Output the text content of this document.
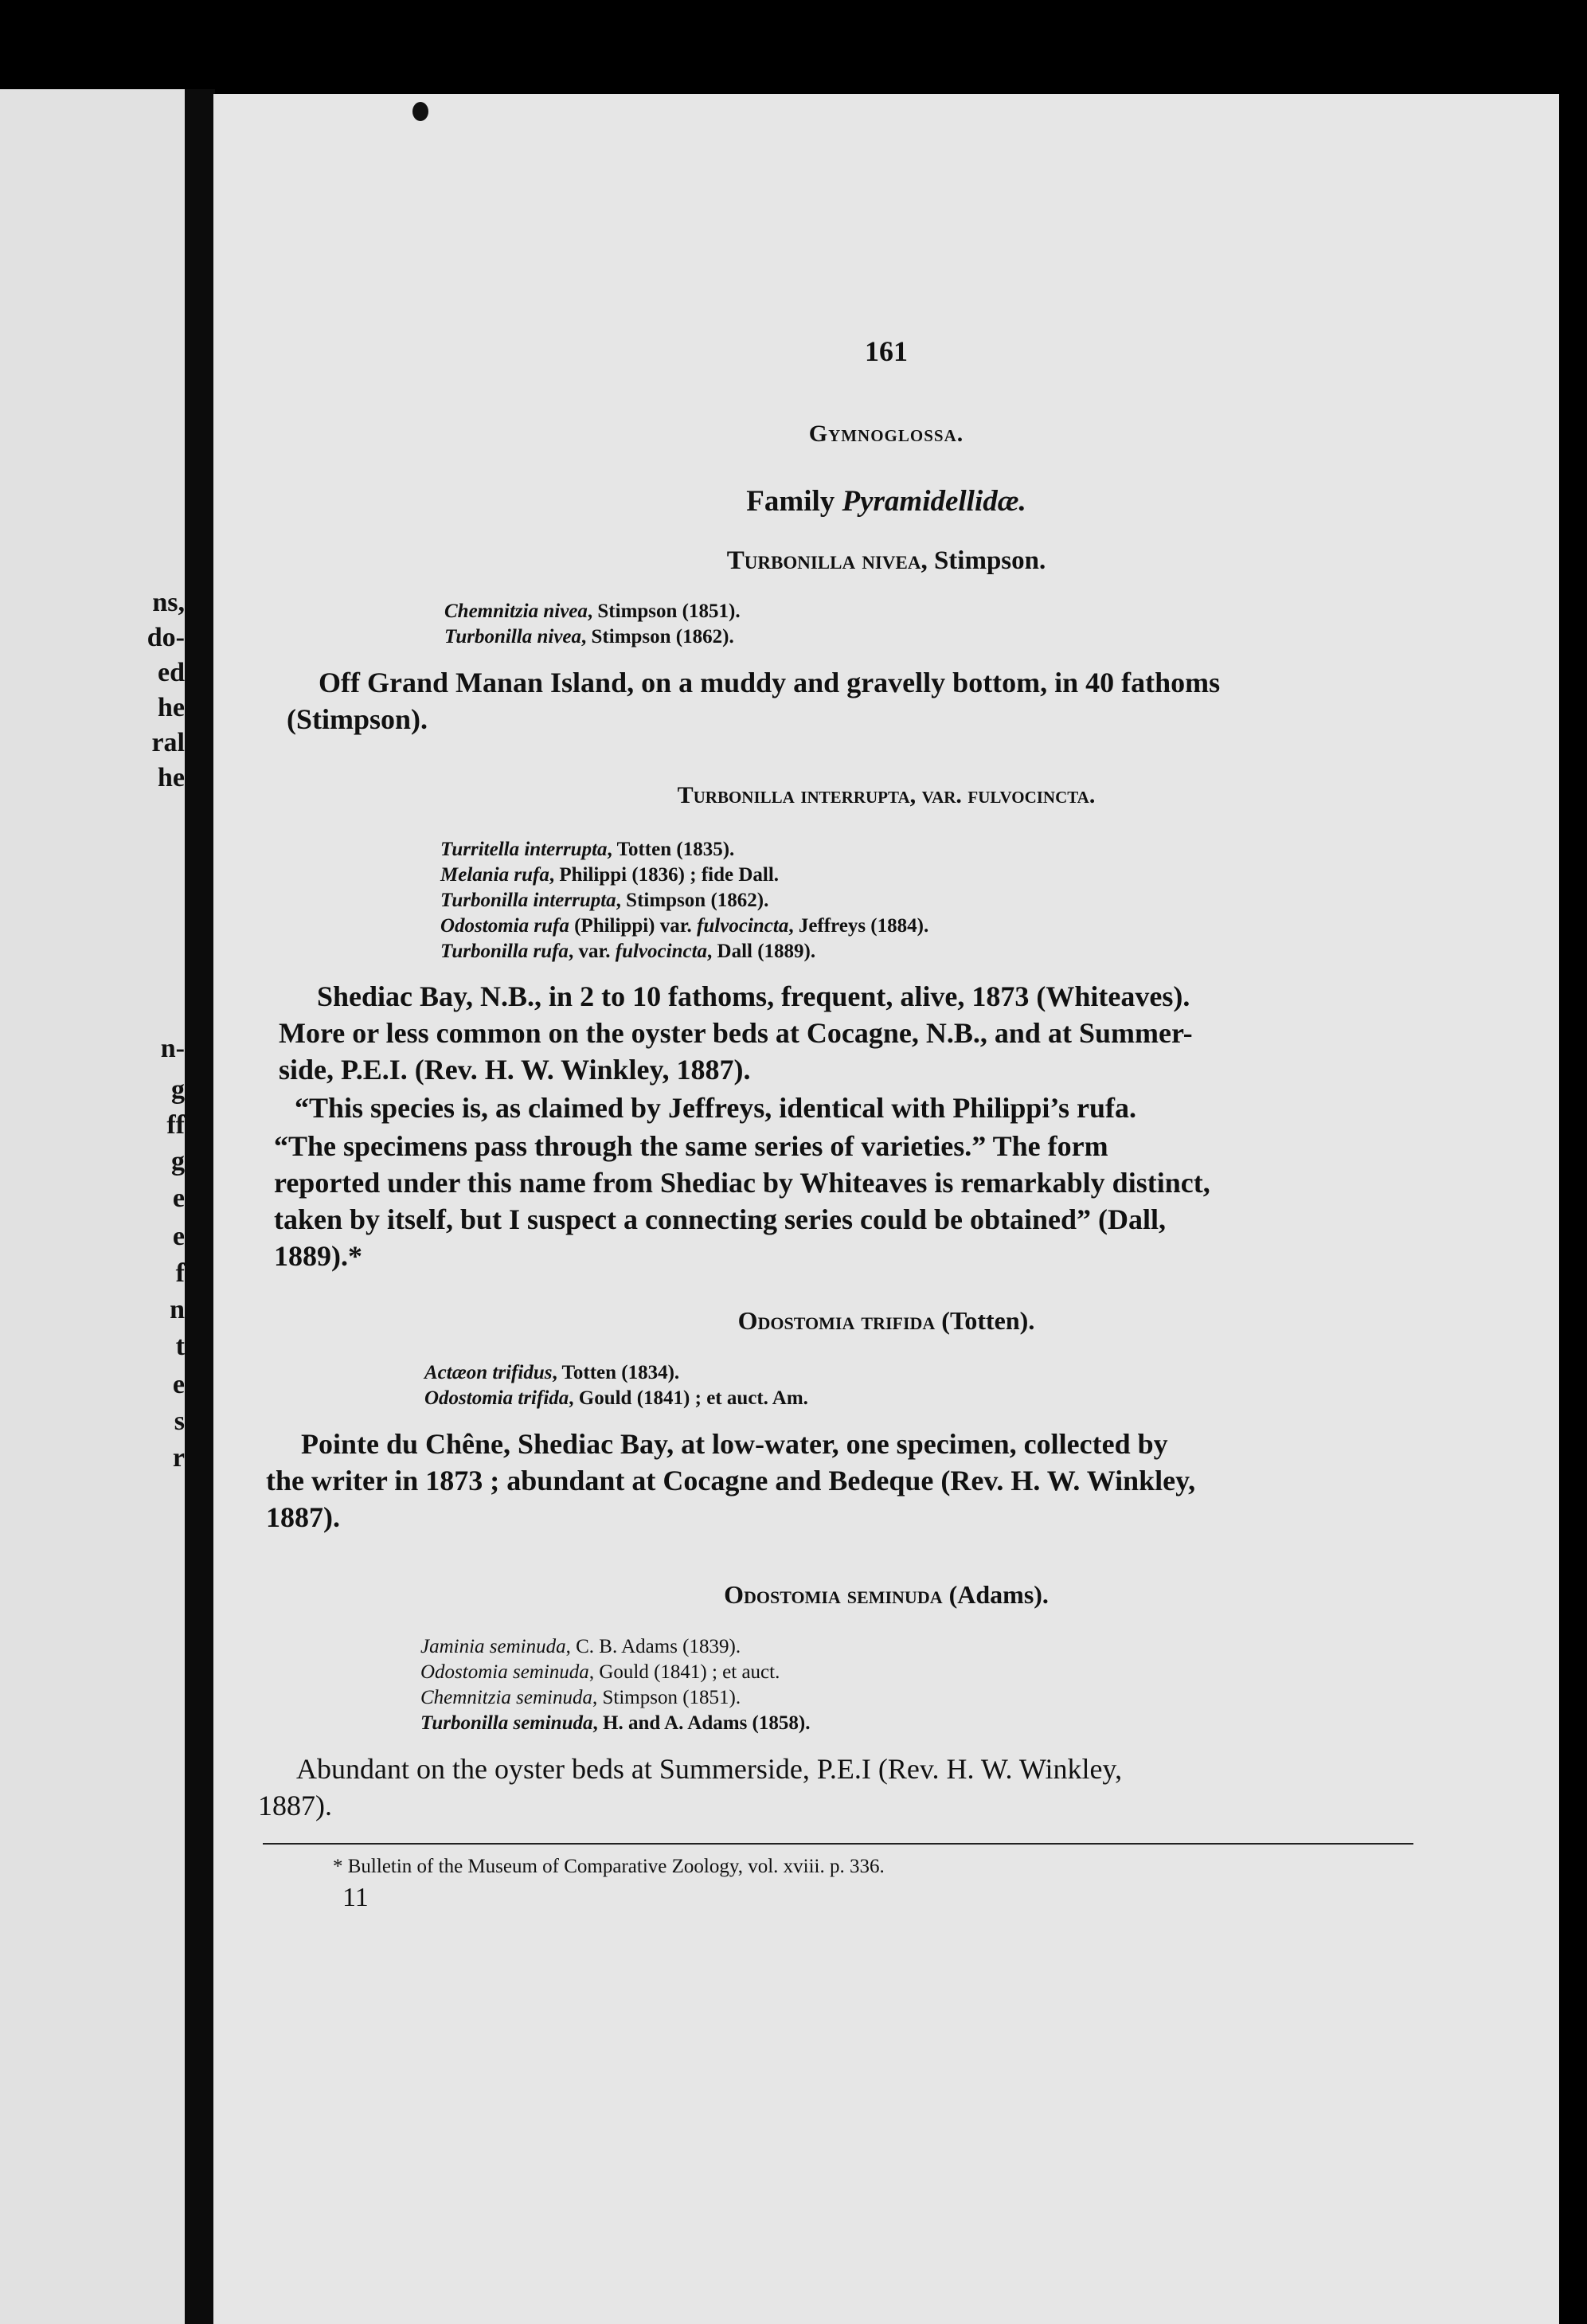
ns,
do-
ed
he
ral
he
n-
g
ff
g
e
e
f
n
t
e
s
r
161
Gymnoglossa.
Family Pyramidellidæ.
Turbonilla nivea, Stimpson.
Chemnitzia nivea, Stimpson (1851).
Turbonilla nivea, Stimpson (1862).
Off Grand Manan Island, on a muddy and gravelly bottom, in 40 fathoms
(Stimpson).
Turbonilla interrupta, var. fulvocincta.
Turritella interrupta, Totten (1835).
Melania rufa, Philippi (1836) ; fide Dall.
Turbonilla interrupta, Stimpson (1862).
Odostomia rufa (Philippi) var. fulvocincta, Jeffreys (1884).
Turbonilla rufa, var. fulvocincta, Dall (1889).
Shediac Bay, N.B., in 2 to 10 fathoms, frequent, alive, 1873 (Whiteaves).
More or less common on the oyster beds at Cocagne, N.B., and at Summer-
side, P.E.I. (Rev. H. W. Winkley, 1887).
“This species is, as claimed by Jeffreys, identical with Philippi’s rufa.
“The specimens pass through the same series of varieties.” The form
reported under this name from Shediac by Whiteaves is remarkably distinct,
taken by itself, but I suspect a connecting series could be obtained” (Dall,
1889).*
Odostomia trifida (Totten).
Actæon trifidus, Totten (1834).
Odostomia trifida, Gould (1841) ; et auct. Am.
Pointe du Chêne, Shediac Bay, at low-water, one specimen, collected by
the writer in 1873 ; abundant at Cocagne and Bedeque (Rev. H. W. Winkley,
1887).
Odostomia seminuda (Adams).
Jaminia seminuda, C. B. Adams (1839).
Odostomia seminuda, Gould (1841) ; et auct.
Chemnitzia seminuda, Stimpson (1851).
Turbonilla seminuda, H. and A. Adams (1858).
Abundant on the oyster beds at Summerside, P.E.I (Rev. H. W. Winkley,
1887).
* Bulletin of the Museum of Comparative Zoology, vol. xviii. p. 336.
11
